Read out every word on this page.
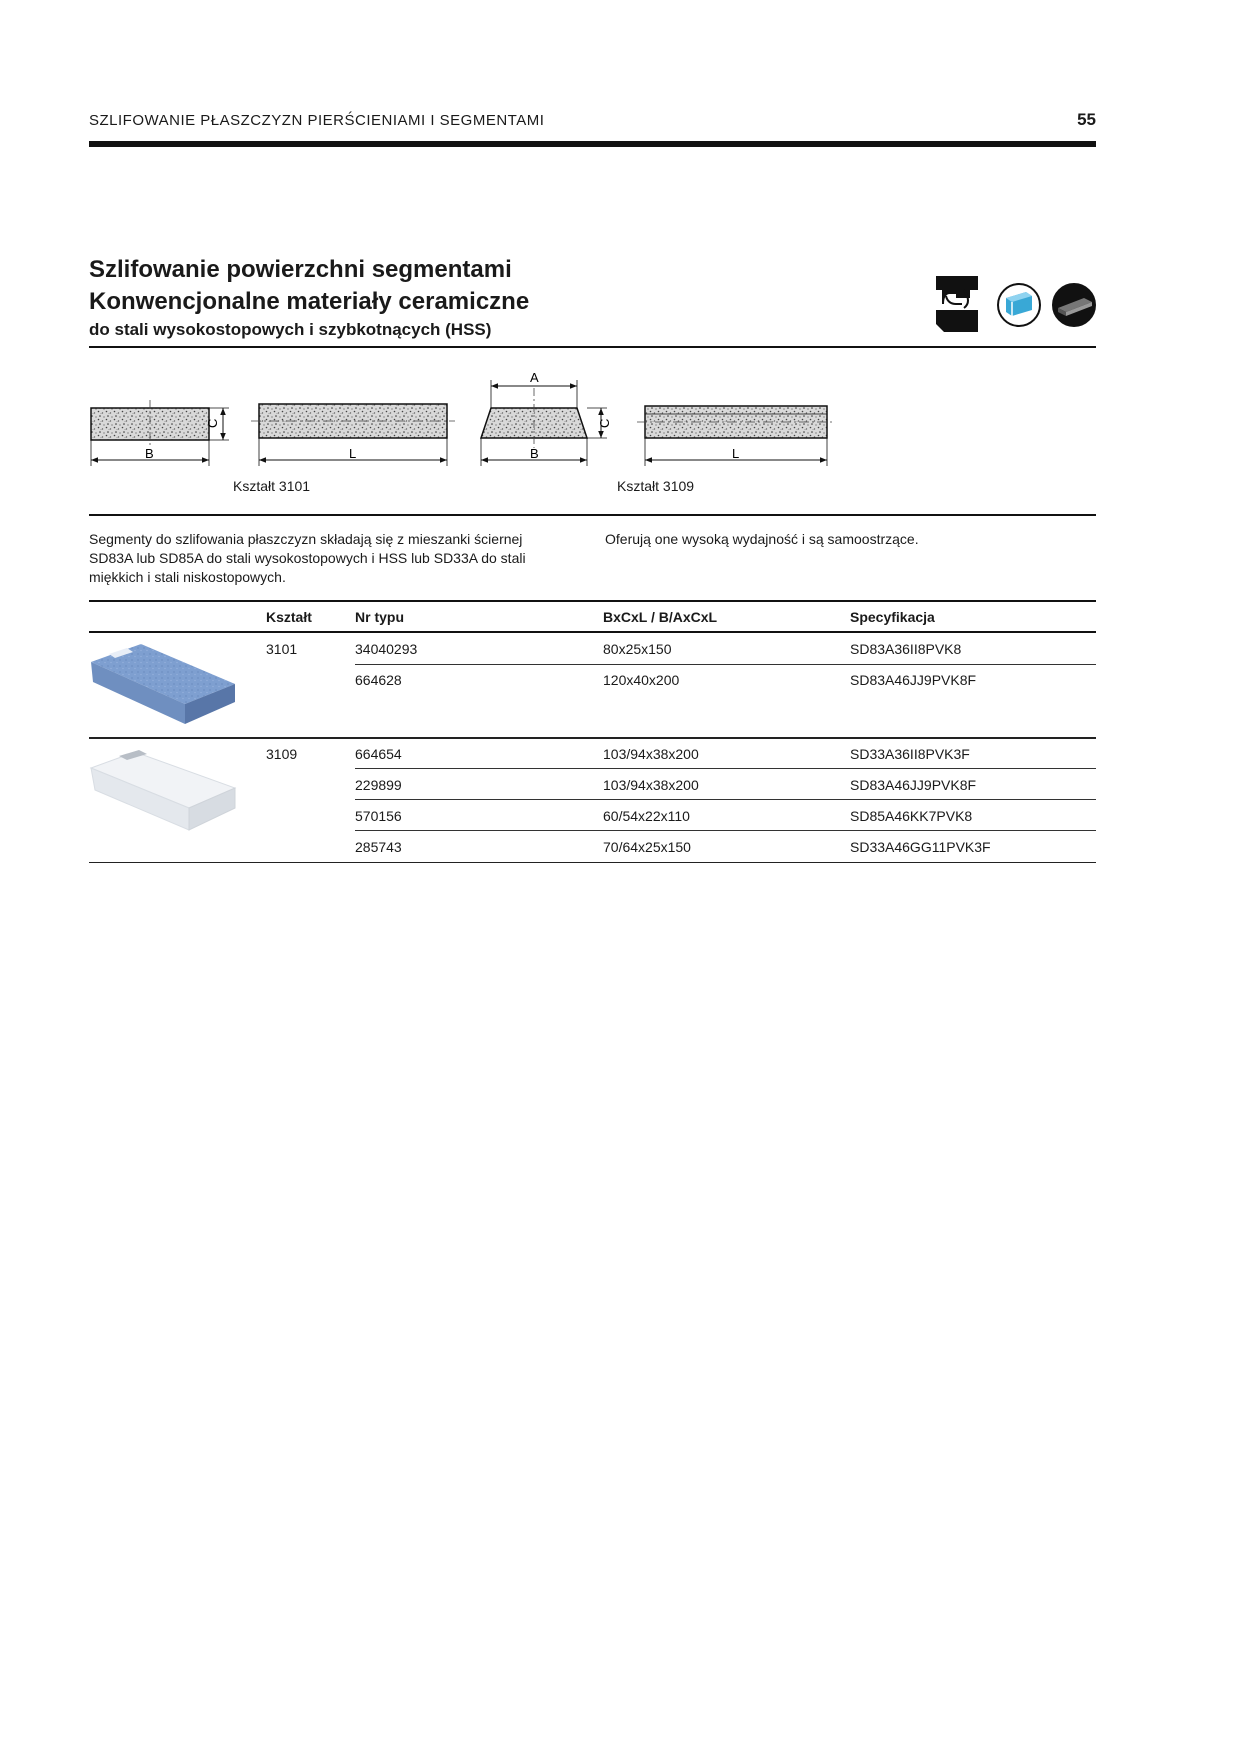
SZLIFOWANIE PŁASZCZYZN PIERŚCIENIAMI I SEGMENTAMI	55
Szlifowanie powierzchni segmentami
Konwencjonalne materiały ceramiczne
do stali wysokostopowych i szybkotnących (HSS)
B
C
L
A
B
C
L
Kształt 3101	Kształt 3109
Segmenty do szlifowania płaszczyzn składają się z mieszanki ściernej SD83A lub SD85A do stali wysokostopowych i HSS lub SD33A do stali miękkich i stali niskostopowych.
Oferują one wysoką wydajność i są samoostrzące.
Kształt	Nr typu	BxCxL / B/AxCxL	Specyfikacja
3101	34040293	80x25x150	SD83A36II8PVK8
664628	120x40x200	SD83A46JJ9PVK8F
3109	664654	103/94x38x200	SD33A36II8PVK3F
229899	103/94x38x200	SD83A46JJ9PVK8F
570156	60/54x22x110	SD85A46KK7PVK8
285743	70/64x25x150	SD33A46GG11PVK3F
